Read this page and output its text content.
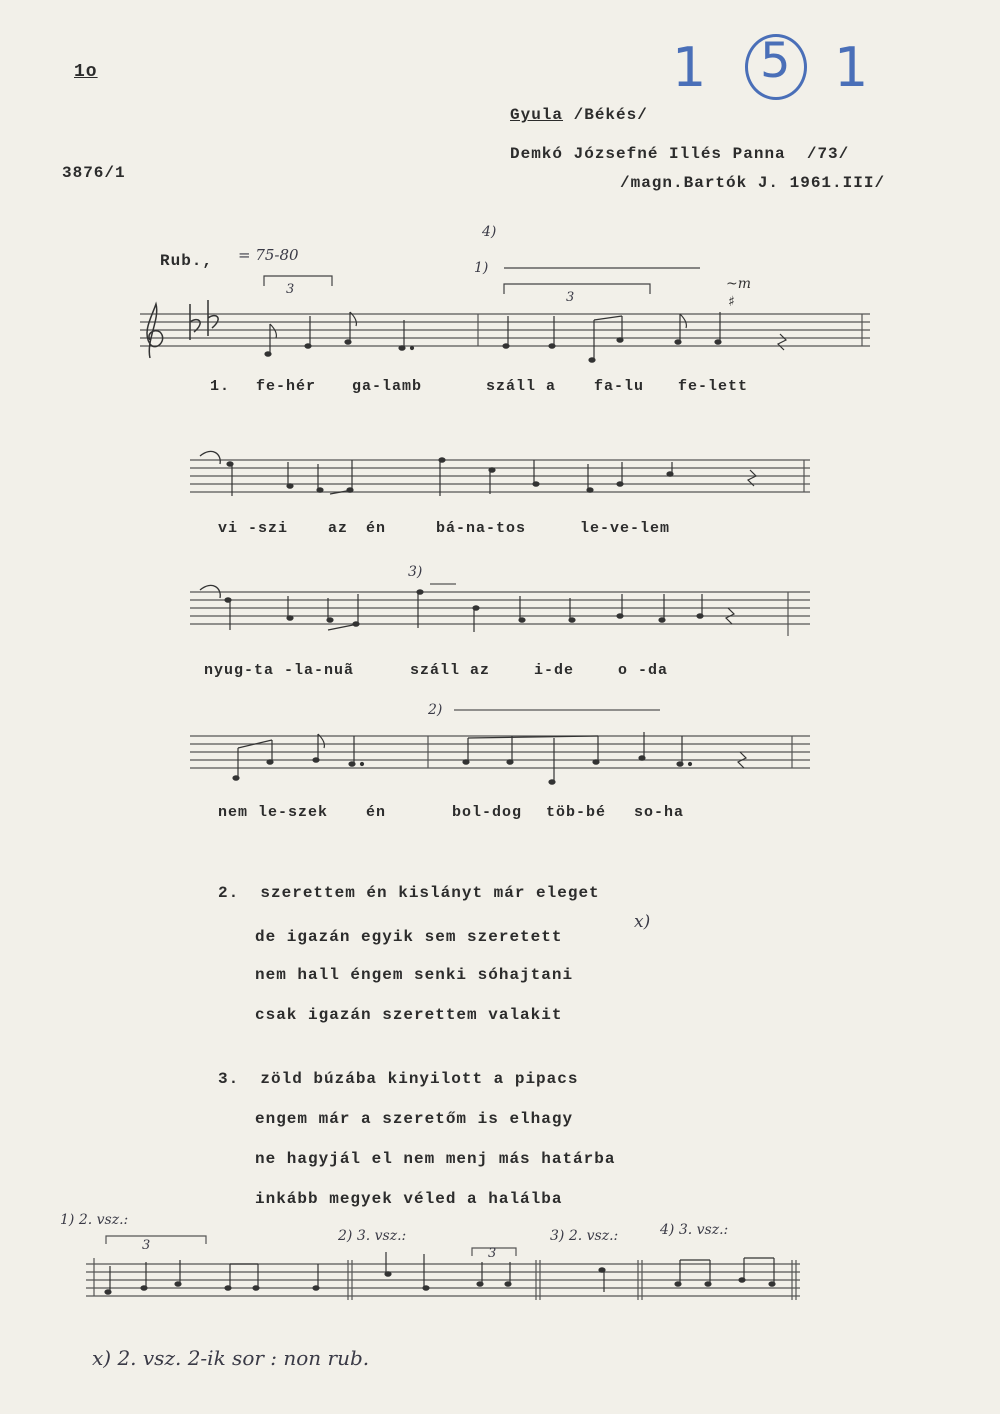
1o
3876/1
1 5 1
Gyula /Békés/
Demkó Józsefné Illés Panna /73/
/magn.Bartók J. 1961.III/
Rub., = 75-80
4)
1)
~m
♯
3
3
1. fe-hér ga-lamb	száll a	fa-lu fe-lett
vi -szi	az én	bá-na-tos	le-ve-lem
3)
nyug-ta -la-nuã	száll az	i-de	o -da
2)
nem le-szek	én	bol-dog töb-bé so-ha
2. szerettem én kislányt már eleget
de igazán egyik sem szeretett
x)
nem hall éngem senki sóhajtani
csak igazán szerettem valakit
3. zöld búzába kinyilott a pipacs
engem már a szeretőm is elhagy
ne hagyjál el nem menj más határba
inkább megyek véled a halálba
1) 2. vsz.:
2) 3. vsz.:	3) 2. vsz.:	4) 3. vsz.:
3
3
x) 2. vsz. 2-ik sor : non rub.
